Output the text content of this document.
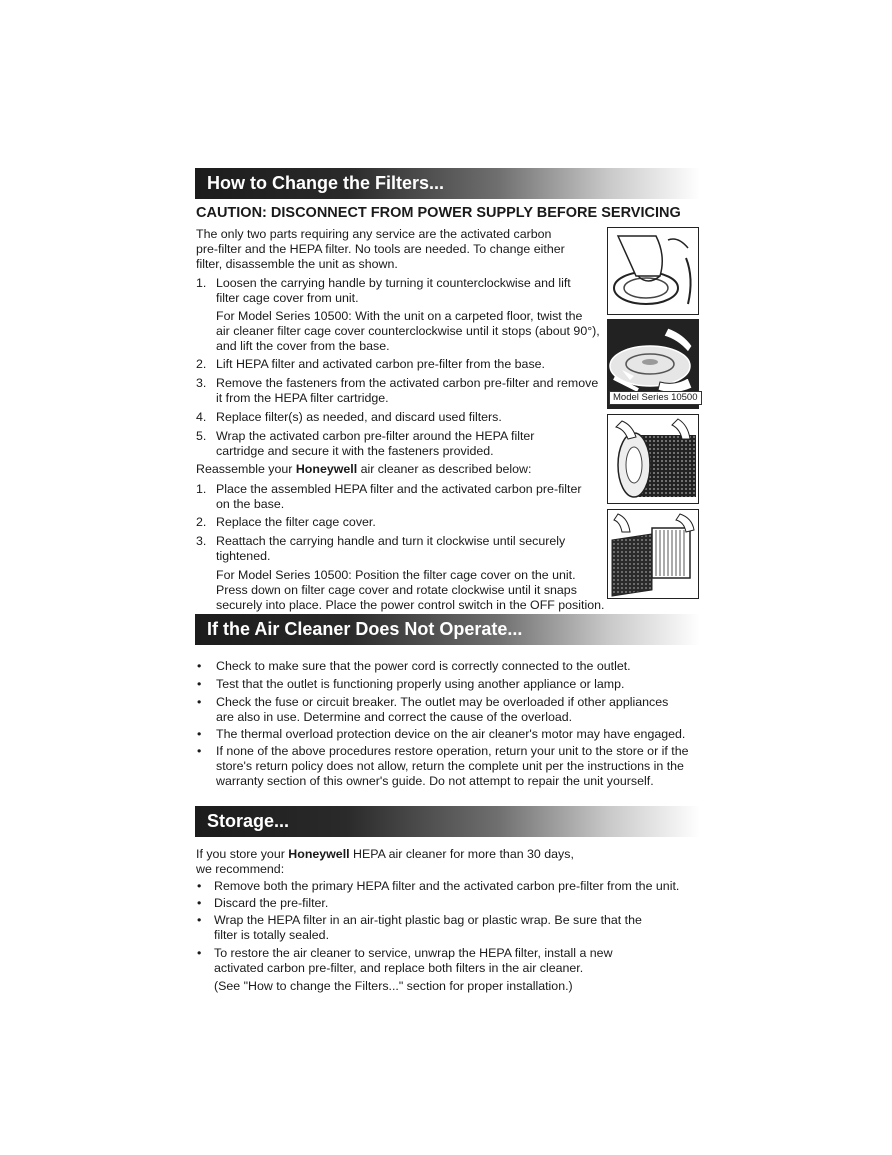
How to Change the Filters...
CAUTION: DISCONNECT FROM POWER SUPPLY BEFORE SERVICING
The only two parts requiring any service are the activated carbon
pre-filter and the HEPA filter. No tools are needed. To change either
filter, disassemble the unit as shown.
1. Loosen the carrying handle by turning it counterclockwise and lift
filter cage cover from unit.
For Model Series 10500: With the unit on a carpeted floor, twist the
air cleaner filter cage cover counterclockwise until it stops (about 90°),
and lift the cover from the base.
2. Lift HEPA filter and activated carbon pre-filter from the base.
3. Remove the fasteners from the activated carbon pre-filter and remove
it from the HEPA filter cartridge.
4. Replace filter(s) as needed, and discard used filters.
5. Wrap the activated carbon pre-filter around the HEPA filter
cartridge and secure it with the fasteners provided.
Reassemble your Honeywell air cleaner as described below:
1. Place the assembled HEPA filter and the activated carbon pre-filter
on the base.
2. Replace the filter cage cover.
3. Reattach the carrying handle and turn it clockwise until securely
tightened.
For Model Series 10500: Position the filter cage cover on the unit.
Press down on filter cage cover and rotate clockwise until it snaps
securely into place. Place the power control switch in the OFF position.
Model Series 10500
If the Air Cleaner Does Not Operate...
• Check to make sure that the power cord is correctly connected to the outlet.
• Test that the outlet is functioning properly using another appliance or lamp.
• Check the fuse or circuit breaker. The outlet may be overloaded if other appliances
are also in use. Determine and correct the cause of the overload.
• The thermal overload protection device on the air cleaner's motor may have engaged.
• If none of the above procedures restore operation, return your unit to the store or if the
store's return policy does not allow, return the complete unit per the instructions in the
warranty section of this owner's guide. Do not attempt to repair the unit yourself.
Storage...
If you store your Honeywell HEPA air cleaner for more than 30 days,
we recommend:
• Remove both the primary HEPA filter and the activated carbon pre-filter from the unit.
• Discard the pre-filter.
• Wrap the HEPA filter in an air-tight plastic bag or plastic wrap. Be sure that the
filter is totally sealed.
• To restore the air cleaner to service, unwrap the HEPA filter, install a new
activated carbon pre-filter, and replace both filters in the air cleaner.
(See "How to change the Filters..." section for proper installation.)
